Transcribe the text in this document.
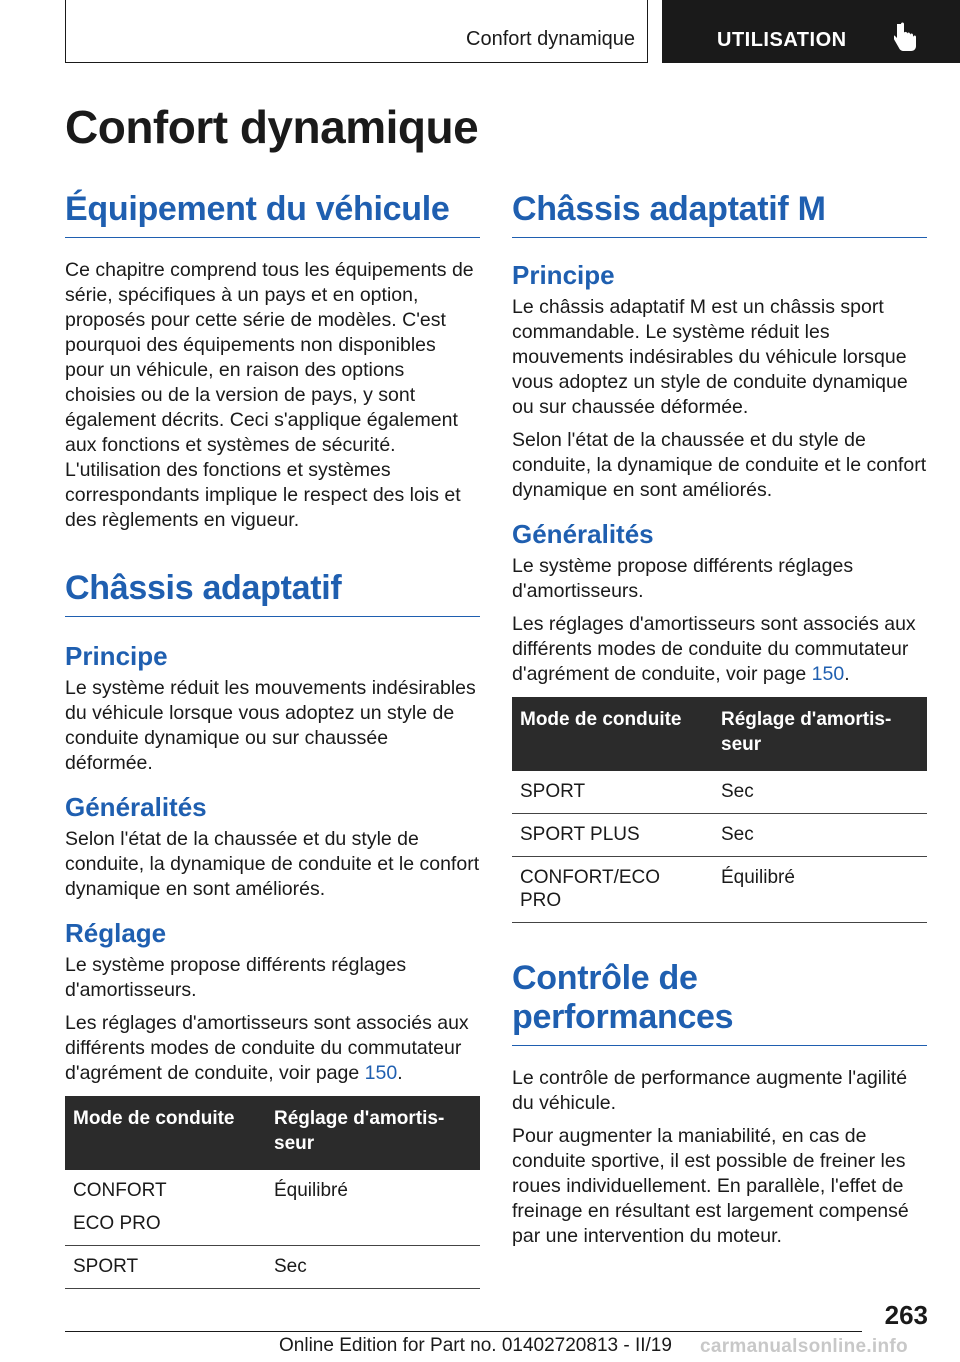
Confort dynamique	UTILISATION
Confort dynamique
Équipement du véhicule

Ce chapitre comprend tous les équipements de série, spécifiques à un pays et en option, proposés pour cette série de modèles. C'est pourquoi des équipements non disponibles pour un véhicule, en raison des options choisies ou de la version de pays, y sont également décrits. Ceci s'applique également aux fonctions et systèmes de sécurité. L'utilisation des fonctions et systèmes correspondants implique le respect des lois et des règlements en vigueur.

Châssis adaptatif
Principe

Le système réduit les mouvements indésirables du véhicule lorsque vous adoptez un style de conduite dynamique ou sur chaussée déformée.

Généralités

Selon l'état de la chaussée et du style de conduite, la dynamique de conduite et le confort dynamique en sont améliorés.

Réglage

Le système propose différents réglages d'amortisseurs.

Les réglages d'amortisseurs sont associés aux différents modes de conduite du commutateur d'agrément de conduite, voir page 150.

Mode de conduite	Réglage d'amortis-seur

CONFORT
ECO PRO	Équilibré
SPORT	Sec
Châssis adaptatif M
Principe

Le châssis adaptatif M est un châssis sport commandable. Le système réduit les mouvements indésirables du véhicule lorsque vous adoptez un style de conduite dynamique ou sur chaussée déformée.

Selon l'état de la chaussée et du style de conduite, la dynamique de conduite et le confort dynamique en sont améliorés.

Généralités

Le système propose différents réglages d'amortisseurs.

Les réglages d'amortisseurs sont associés aux différents modes de conduite du commutateur d'agrément de conduite, voir page 150.

Mode de conduite	Réglage d'amortis-seur
SPORT	Sec
SPORT PLUS	Sec
CONFORT/ECO PRO	Équilibré
Contrôle de performances

Le contrôle de performance augmente l'agilité du véhicule.

Pour augmenter la maniabilité, en cas de conduite sportive, il est possible de freiner les roues individuellement. En parallèle, l'effet de freinage en résultant est largement compensé par une intervention du moteur.

263
Online Edition for Part no. 01402720813 - II/19 carmanualsonline.info
